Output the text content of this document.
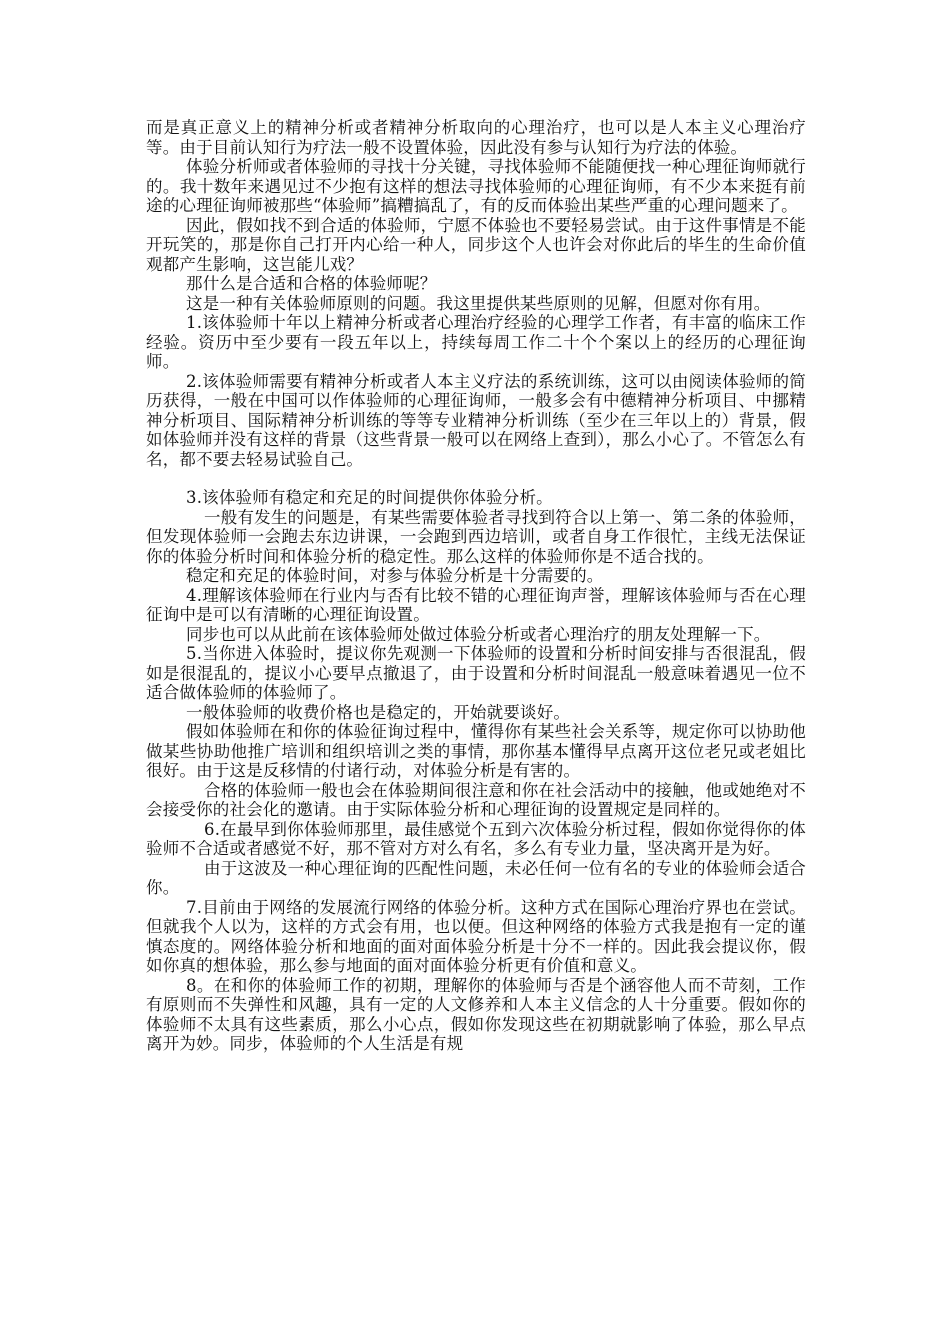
而是真正意义上的精神分析或者精神分析取向的心理治疗，也可以是人本主义心理治疗等。由于目前认知行为疗法一般不设置体验，因此没有参与认知行为疗法的体验。

体验分析师或者体验师的寻找十分关键，寻找体验师不能随便找一种心理征询师就行的。我十数年来遇见过不少抱有这样的想法寻找体验师的心理征询师，有不少本来挺有前途的心理征询师被那些“体验师”搞糟搞乱了，有的反而体验出某些严重的心理问题来了。

因此，假如找不到合适的体验师，宁愿不体验也不要轻易尝试。由于这件事情是不能开玩笑的，那是你自己打开内心给一种人，同步这个人也许会对你此后的毕生的生命价值观都产生影响，这岂能儿戏？

那什么是合适和合格的体验师呢？

这是一种有关体验师原则的问题。我这里提供某些原则的见解，但愿对你有用。

1.该体验师十年以上精神分析或者心理治疗经验的心理学工作者，有丰富的临床工作经验。资历中至少要有一段五年以上，持续每周工作二十个个案以上的经历的心理征询师。

2.该体验师需要有精神分析或者人本主义疗法的系统训练，这可以由阅读体验师的简历获得，一般在中国可以作体验师的心理征询师，一般多会有中德精神分析项目、中挪精神分析项目、国际精神分析训练的等等专业精神分析训练（至少在三年以上的）背景，假如体验师并没有这样的背景（这些背景一般可以在网络上查到），那么小心了。不管怎么有名，都不要去轻易试验自己。

3.该体验师有稳定和充足的时间提供你体验分析。

一般有发生的问题是，有某些需要体验者寻找到符合以上第一、第二条的体验师，但发现体验师一会跑去东边讲课，一会跑到西边培训，或者自身工作很忙，主线无法保证你的体验分析时间和体验分析的稳定性。那么这样的体验师你是不适合找的。

稳定和充足的体验时间，对参与体验分析是十分需要的。

4.理解该体验师在行业内与否有比较不错的心理征询声誉，理解该体验师与否在心理征询中是可以有清晰的心理征询设置。

同步也可以从此前在该体验师处做过体验分析或者心理治疗的朋友处理解一下。

5.当你进入体验时，提议你先观测一下体验师的设置和分析时间安排与否很混乱，假如是很混乱的，提议小心要早点撤退了，由于设置和分析时间混乱一般意味着遇见一位不适合做体验师的体验师了。

一般体验师的收费价格也是稳定的，开始就要谈好。

假如体验师在和你的体验征询过程中，懂得你有某些社会关系等，规定你可以协助他做某些协助他推广培训和组织培训之类的事情，那你基本懂得早点离开这位老兄或老姐比很好。由于这是反移情的付诸行动，对体验分析是有害的。

合格的体验师一般也会在体验期间很注意和你在社会活动中的接触，他或她绝对不会接受你的社会化的邀请。由于实际体验分析和心理征询的设置规定是同样的。

6.在最早到你体验师那里，最佳感觉个五到六次体验分析过程，假如你觉得你的体验师不合适或者感觉不好，那不管对方对么有名，多么有专业力量，坚决离开是为好。

由于这波及一种心理征询的匹配性问题，未必任何一位有名的专业的体验师会适合你。

7.目前由于网络的发展流行网络的体验分析。这种方式在国际心理治疗界也在尝试。但就我个人以为，这样的方式会有用，也以便。但这种网络的体验方式我是抱有一定的谨慎态度的。网络体验分析和地面的面对面体验分析是十分不一样的。因此我会提议你，假如你真的想体验，那么参与地面的面对面体验分析更有价值和意义。

8。在和你的体验师工作的初期，理解你的体验师与否是个涵容他人而不苛刻，工作有原则而不失弹性和风趣，具有一定的人文修养和人本主义信念的人十分重要。假如你的体验师不太具有这些素质，那么小心点，假如你发现这些在初期就影响了体验，那么早点离开为妙。同步，体验师的个人生活是有规
